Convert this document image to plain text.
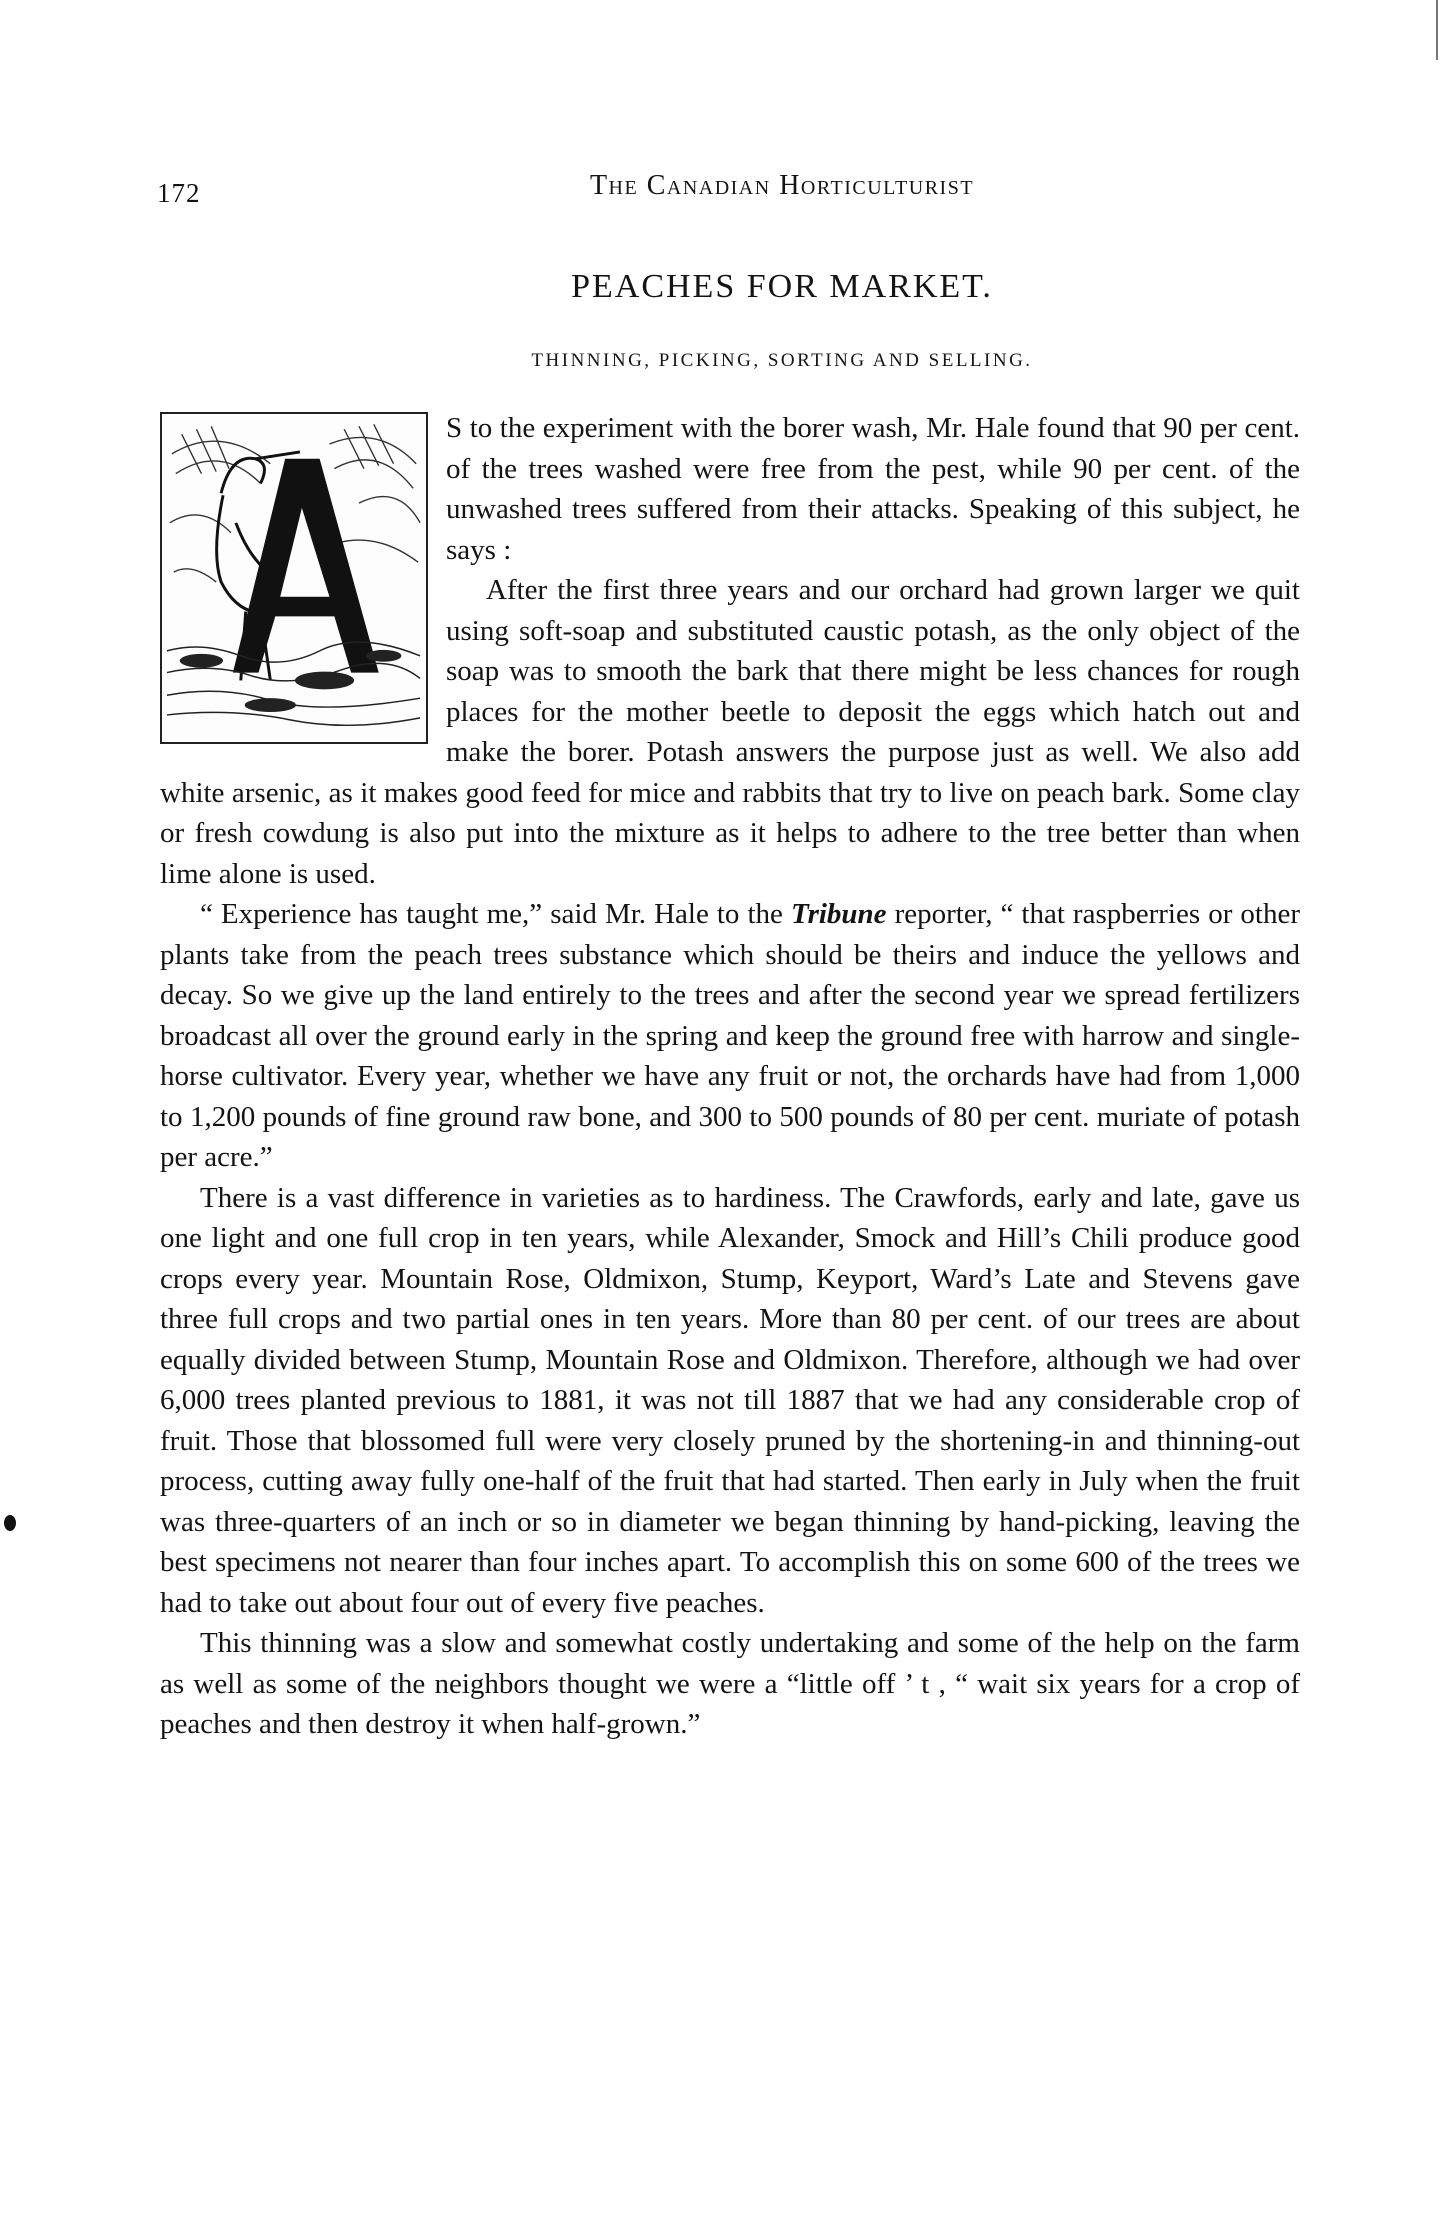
172	The Canadian Horticulturist
PEACHES FOR MARKET.
THINNING, PICKING, SORTING AND SELLING.

S to the experiment with the borer wash, Mr. Hale found that 90 per cent. of the trees washed were free from the pest, while 90 per cent. of the unwashed trees suffered from their attacks. Speaking of this subject, he says :

After the first three years and our orchard had grown larger we quit using soft-soap and substituted caustic potash, as the only object of the soap was to smooth the bark that there might be less chances for rough places for the mother beetle to deposit the eggs which hatch out and make the borer. Potash answers the purpose just as well. We also add white arsenic, as it makes good feed for mice and rabbits that try to live on peach bark. Some clay or fresh cowdung is also put into the mixture as it helps to adhere to the tree better than when lime alone is used.

“ Experience has taught me,” said Mr. Hale to the Tribune reporter, “ that raspberries or other plants take from the peach trees substance which should be theirs and induce the yellows and decay. So we give up the land entirely to the trees and after the second year we spread fertilizers broadcast all over the ground early in the spring and keep the ground free with harrow and single-horse cultivator. Every year, whether we have any fruit or not, the orchards have had from 1,000 to 1,200 pounds of fine ground raw bone, and 300 to 500 pounds of 80 per cent. muriate of potash per acre.”

There is a vast difference in varieties as to hardiness. The Crawfords, early and late, gave us one light and one full crop in ten years, while Alexander, Smock and Hill’s Chili produce good crops every year. Mountain Rose, Oldmixon, Stump, Keyport, Ward’s Late and Stevens gave three full crops and two partial ones in ten years. More than 80 per cent. of our trees are about equally divided between Stump, Mountain Rose and Oldmixon. Therefore, although we had over 6,000 trees planted previous to 1881, it was not till 1887 that we had any considerable crop of fruit. Those that blossomed full were very closely pruned by the shortening-in and thinning-out process, cutting away fully one-half of the fruit that had started. Then early in July when the fruit was three-quarters of an inch or so in diameter we began thinning by hand-picking, leaving the best specimens not nearer than four inches apart. To accomplish this on some 600 of the trees we had to take out about four out of every five peaches.

This thinning was a slow and somewhat costly undertaking and some of the help on the farm as well as some of the neighbors thought we were a “little off ’ t , “ wait six years for a crop of peaches and then destroy it when half-grown.”
